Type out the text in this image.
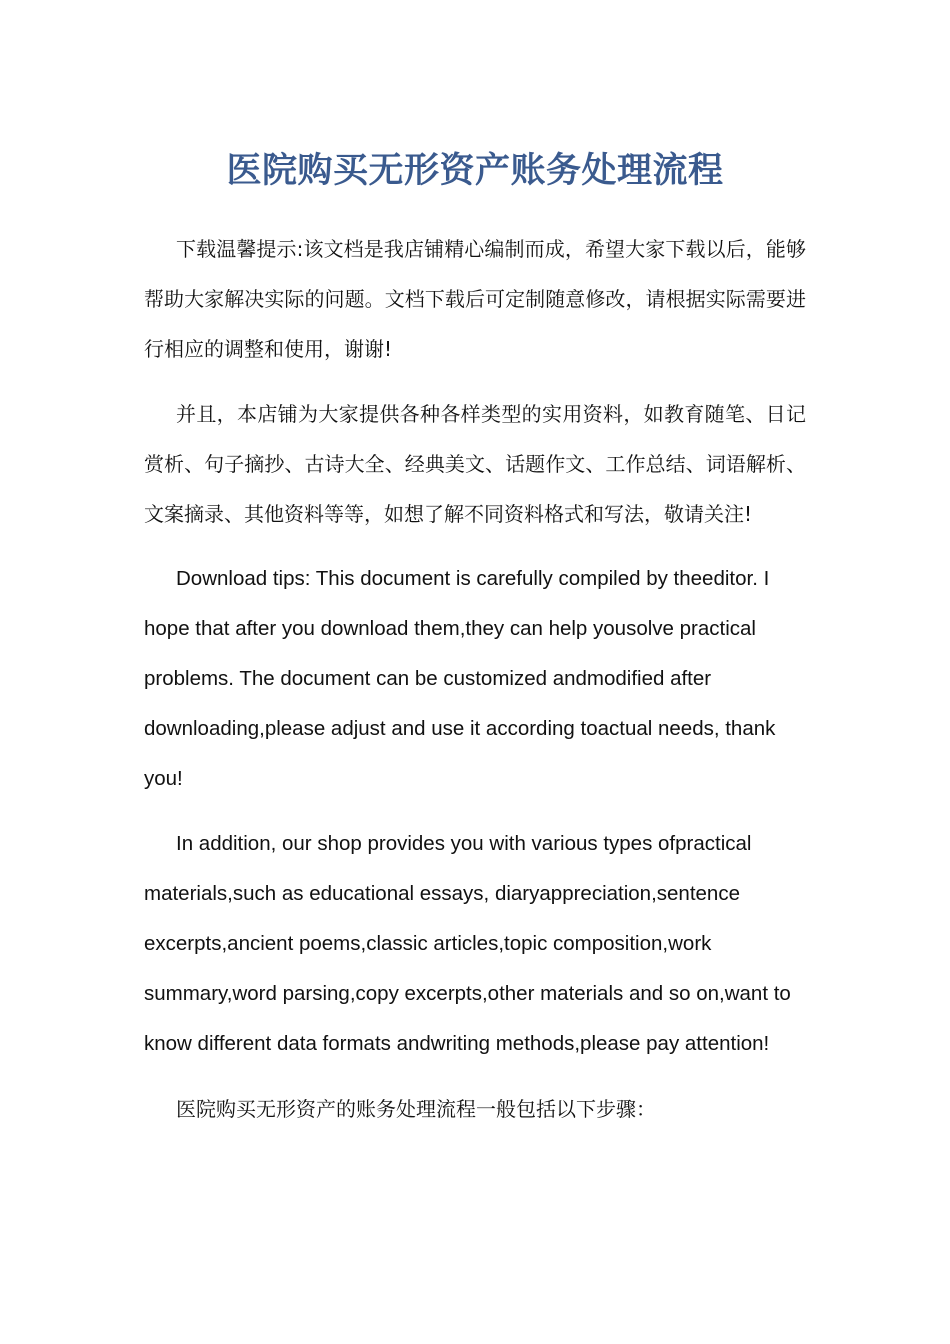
医院购买无形资产账务处理流程

下载温馨提示:该文档是我店铺精心编制而成，希望大家下载以后，能够帮助大家解决实际的问题。文档下载后可定制随意修改，请根据实际需要进行相应的调整和使用，谢谢!

并且，本店铺为大家提供各种各样类型的实用资料，如教育随笔、日记赏析、句子摘抄、古诗大全、经典美文、话题作文、工作总结、词语解析、文案摘录、其他资料等等，如想了解不同资料格式和写法，敬请关注!

Download tips: This document is carefully compiled by theeditor. I hope that after you download them,they can help yousolve practical problems. The document can be customized andmodified after downloading,please adjust and use it according toactual needs, thank you!

In addition, our shop provides you with various types ofpractical materials,such as educational essays, diaryappreciation,sentence excerpts,ancient poems,classic articles,topic composition,work summary,word parsing,copy excerpts,other materials and so on,want to know different data formats andwriting methods,please pay attention!

医院购买无形资产的账务处理流程一般包括以下步骤：
